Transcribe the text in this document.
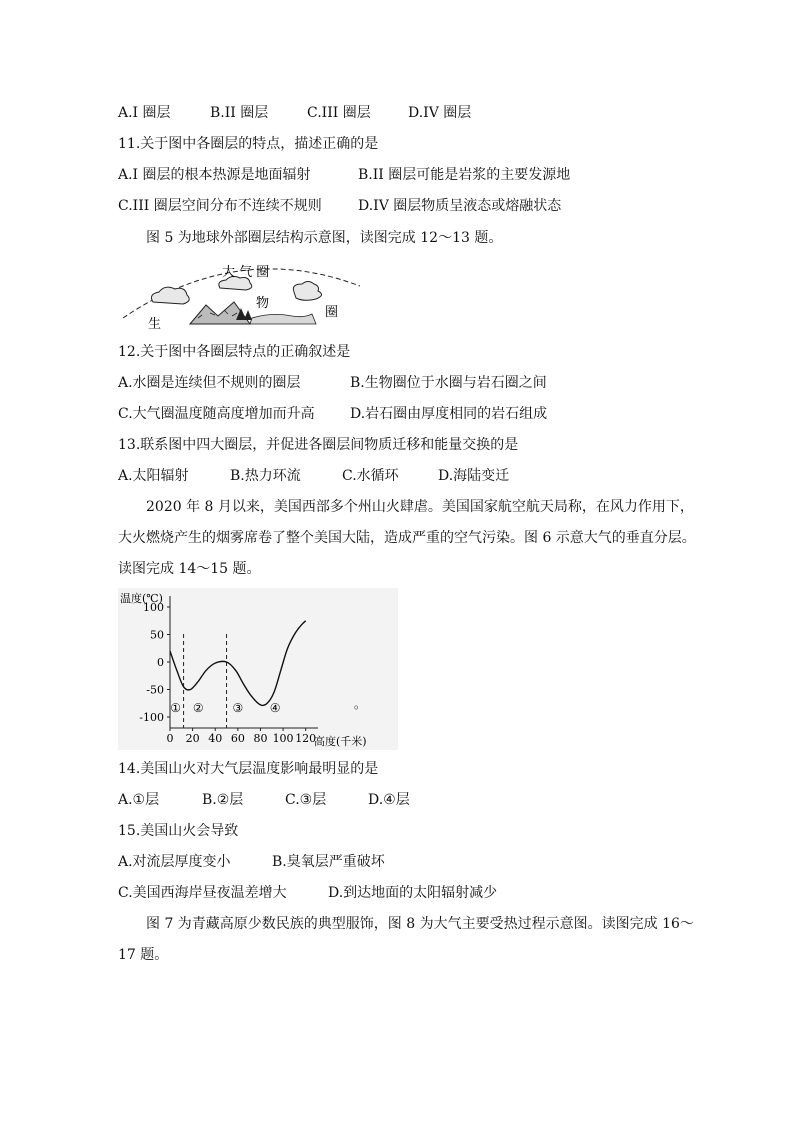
A.I 圈层	B.II 圈层	C.III 圈层	D.IV 圈层
11.关于图中各圈层的特点，描述正确的是
A.I 圈层的根本热源是地面辐射	B.II 圈层可能是岩浆的主要发源地
C.III 圈层空间分布不连续不规则	D.IV 圈层物质呈液态或熔融状态
图 5 为地球外部圈层结构示意图，读图完成 12～13 题。
大 气 圈
物
圈
生
12.关于图中各圈层特点的正确叙述是
A.水圈是连续但不规则的圈层	B.生物圈位于水圈与岩石圈之间
C.大气圈温度随高度增加而升高	D.岩石圈由厚度相同的岩石组成
13.联系图中四大圈层，并促进各圈层间物质迁移和能量交换的是
A.太阳辐射	B.热力环流	C.水循环	D.海陆变迁
2020 年 8 月以来，美国西部多个州山火肆虐。美国国家航空航天局称，在风力作用下，
大火燃烧产生的烟雾席卷了整个美国大陆，造成严重的空气污染。图 6 示意大气的垂直分层。
读图完成 14～15 题。
温度(℃)
高度(千米)
100
50
0
-50
-100
0 20 40 60 80 100 120
① ② ③ ④	。
14.美国山火对大气层温度影响最明显的是
A.①层	B.②层	C.③层	D.④层
15.美国山火会导致
A.对流层厚度变小	B.臭氧层严重破坏
C.美国西海岸昼夜温差增大	D.到达地面的太阳辐射减少
图 7 为青藏高原少数民族的典型服饰，图 8 为大气主要受热过程示意图。读图完成 16～
17 题。
